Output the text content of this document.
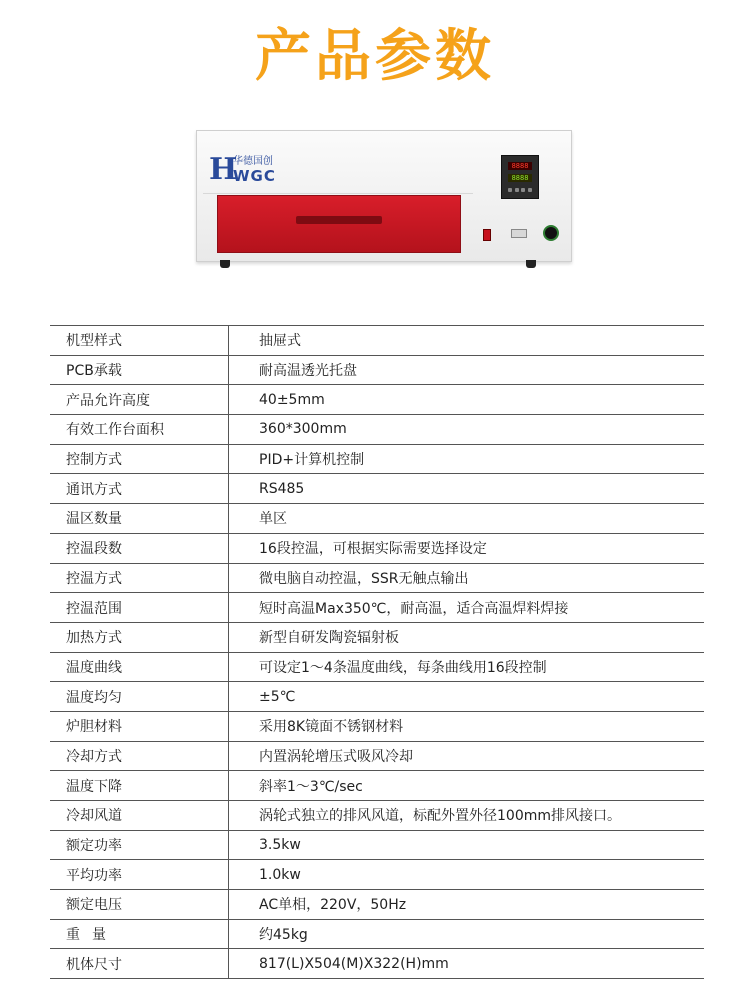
产品参数
H
华德国创
WGC
8888
8888
机型样式	抽屉式
PCB承载	耐高温透光托盘
产品允许高度	40±5mm
有效工作台面积	360*300mm
控制方式	PID+计算机控制
通讯方式	RS485
温区数量	单区
控温段数	16段控温，可根据实际需要选择设定
控温方式	微电脑自动控温，SSR无触点输出
控温范围	短时高温Max350℃，耐高温，适合高温焊料焊接
加热方式	新型自研发陶瓷辐射板
温度曲线	可设定1～4条温度曲线，每条曲线用16段控制
温度均匀	±5℃
炉胆材料	采用8K镜面不锈钢材料
冷却方式	内置涡轮增压式吸风冷却
温度下降	斜率1～3℃/sec
冷却风道	涡轮式独立的排风风道，标配外置外径100mm排风接口。
额定功率	3.5kw
平均功率	1.0kw
额定电压	AC单相，220V，50Hz
重量	约45kg
机体尺寸	817(L)X504(M)X322(H)mm
